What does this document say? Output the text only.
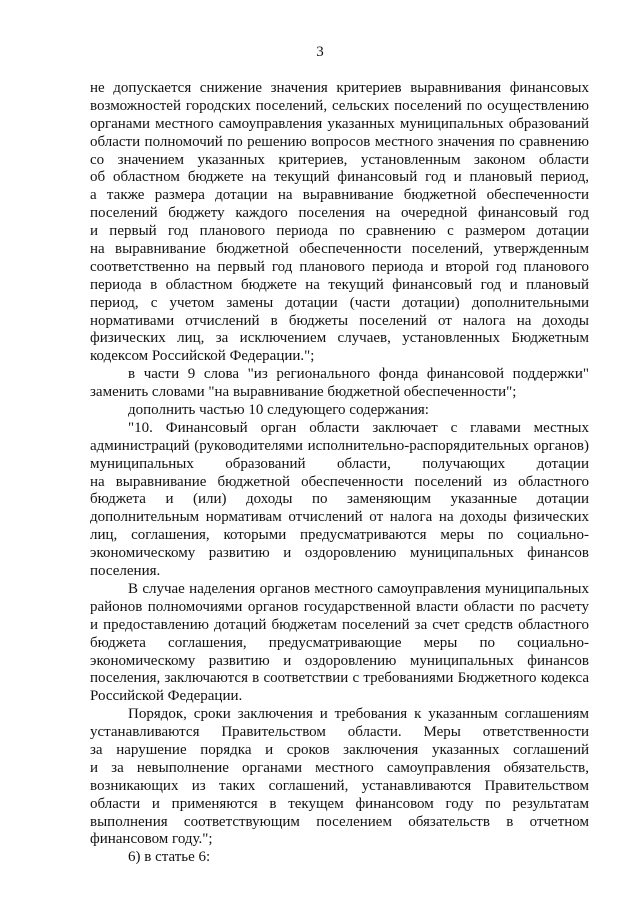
3
не допускается снижение значения критериев выравнивания финансовых
возможностей городских поселений, сельских поселений по осуществлению
органами местного самоуправления указанных муниципальных образований
области полномочий по решению вопросов местного значения по сравнению
со значением указанных критериев, установленным законом области
об областном бюджете на текущий финансовый год и плановый период,
а также размера дотации на выравнивание бюджетной обеспеченности
поселений бюджету каждого поселения на очередной финансовый год
и первый год планового периода по сравнению с размером дотации
на выравнивание бюджетной обеспеченности поселений, утвержденным
соответственно на первый год планового периода и второй год планового
периода в областном бюджете на текущий финансовый год и плановый
период, с учетом замены дотации (части дотации) дополнительными
нормативами отчислений в бюджеты поселений от налога на доходы
физических лиц, за исключением случаев, установленных Бюджетным
кодексом Российской Федерации.";
в части 9 слова "из регионального фонда финансовой поддержки"
заменить словами "на выравнивание бюджетной обеспеченности";
дополнить частью 10 следующего содержания:
"10. Финансовый орган области заключает с главами местных
администраций (руководителями исполнительно-распорядительных органов)
муниципальных образований области, получающих дотации
на выравнивание бюджетной обеспеченности поселений из областного
бюджета и (или) доходы по заменяющим указанные дотации
дополнительным нормативам отчислений от налога на доходы физических
лиц, соглашения, которыми предусматриваются меры по социально-
экономическому развитию и оздоровлению муниципальных финансов
поселения.
В случае наделения органов местного самоуправления муниципальных
районов полномочиями органов государственной власти области по расчету
и предоставлению дотаций бюджетам поселений за счет средств областного
бюджета соглашения, предусматривающие меры по социально-
экономическому развитию и оздоровлению муниципальных финансов
поселения, заключаются в соответствии с требованиями Бюджетного кодекса
Российской Федерации.
Порядок, сроки заключения и требования к указанным соглашениям
устанавливаются Правительством области. Меры ответственности
за нарушение порядка и сроков заключения указанных соглашений
и за невыполнение органами местного самоуправления обязательств,
возникающих из таких соглашений, устанавливаются Правительством
области и применяются в текущем финансовом году по результатам
выполнения соответствующим поселением обязательств в отчетном
финансовом году.";
6) в статье 6:
